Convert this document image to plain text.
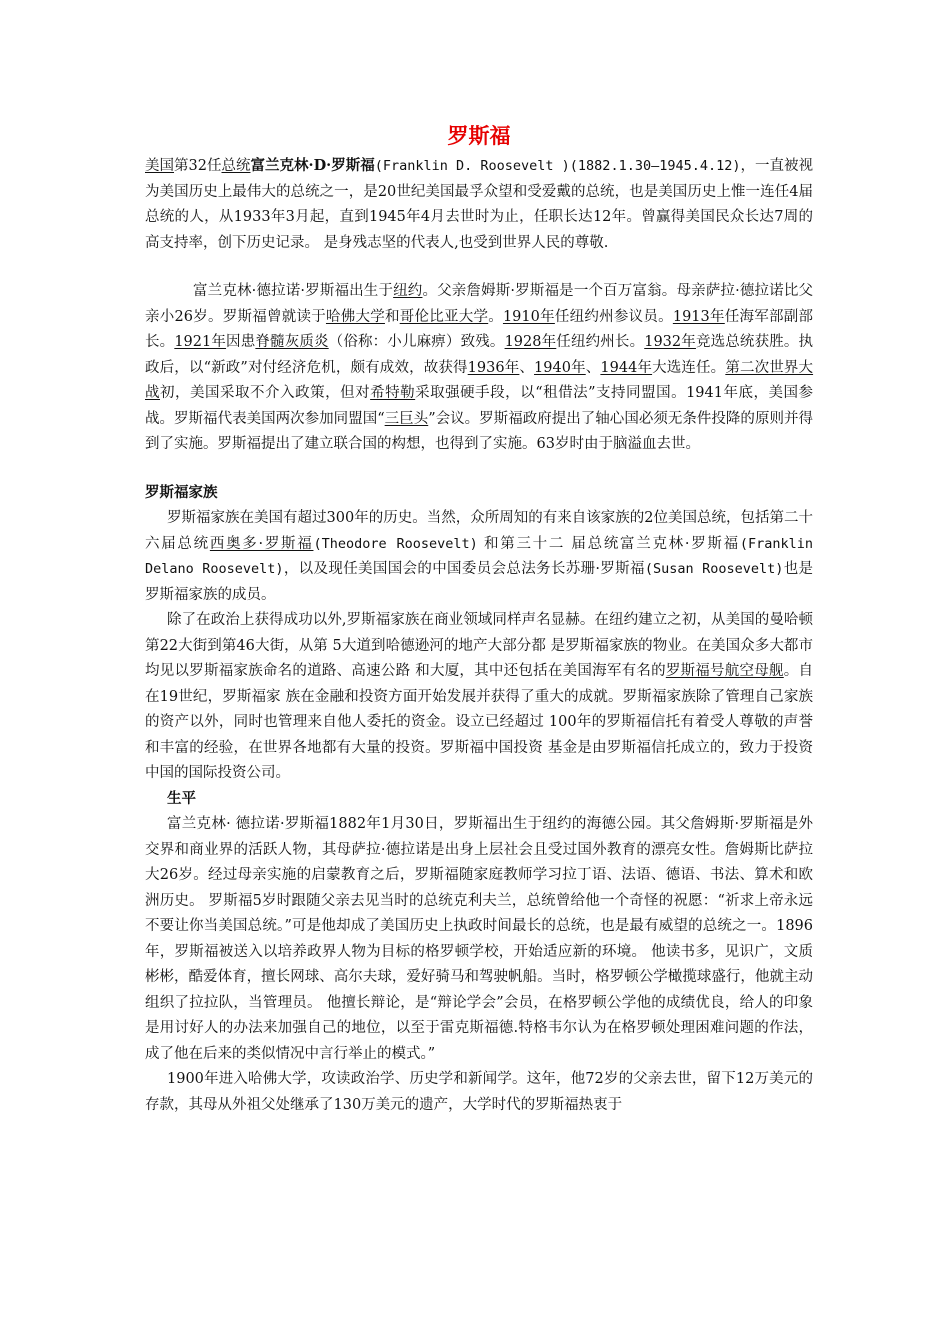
罗斯福

美国第32任总统富兰克林·D·罗斯福(Franklin D. Roosevelt )(1882.1.30—1945.4.12)，一直被视为美国历史上最伟大的总统之一，是20世纪美国最孚众望和受爱戴的总统，也是美国历史上惟一连任4届总统的人，从1933年3月起，直到1945年4月去世时为止，任职长达12年。曾赢得美国民众长达7周的高支持率，创下历史记录。 是身残志坚的代表人,也受到世界人民的尊敬.

富兰克林·德拉诺·罗斯福出生于纽约。父亲詹姆斯·罗斯福是一个百万富翁。母亲萨拉·德拉诺比父亲小26岁。罗斯福曾就读于哈佛大学和哥伦比亚大学。1910年任纽约州参议员。1913年任海军部副部长。1921年因患脊髓灰质炎（俗称：小儿麻痹）致残。1928年任纽约州长。1932年竞选总统获胜。执政后，以“新政”对付经济危机，颇有成效，故获得1936年、1940年、1944年大选连任。第二次世界大战初，美国采取不介入政策，但对希特勒采取强硬手段，以“租借法”支持同盟国。1941年底，美国参战。罗斯福代表美国两次参加同盟国“三巨头”会议。罗斯福政府提出了轴心国必须无条件投降的原则并得到了实施。罗斯福提出了建立联合国的构想，也得到了实施。63岁时由于脑溢血去世。

罗斯福家族

罗斯福家族在美国有超过300年的历史。当然，众所周知的有来自该家族的2位美国总统，包括第二十六届总统西奥多·罗斯福(Theodore Roosevelt) 和第三十二 届总统富兰克林·罗斯福(Franklin Delano Roosevelt)，以及现任美国国会的中国委员会总法务长苏珊·罗斯福(Susan Roosevelt)也是罗斯福家族的成员。

除了在政治上获得成功以外,罗斯福家族在商业领域同样声名显赫。在纽约建立之初，从美国的曼哈顿第22大街到第46大街，从第 5大道到哈德逊河的地产大部分都 是罗斯福家族的物业。在美国众多大都市均见以罗斯福家族命名的道路、高速公路 和大厦，其中还包括在美国海军有名的罗斯福号航空母舰。自在19世纪，罗斯福家 族在金融和投资方面开始发展并获得了重大的成就。罗斯福家族除了管理自己家族 的资产以外，同时也管理来自他人委托的资金。设立已经超过 100年的罗斯福信托有着受人尊敬的声誉和丰富的经验，在世界各地都有大量的投资。罗斯福中国投资 基金是由罗斯福信托成立的，致力于投资中国的国际投资公司。

生平

富兰克林· 德拉诺·罗斯福1882年1月30日，罗斯福出生于纽约的海德公园。其父詹姆斯·罗斯福是外交界和商业界的活跃人物，其母萨拉·德拉诺是出身上层社会且受过国外教育的漂亮女性。詹姆斯比萨拉大26岁。经过母亲实施的启蒙教育之后，罗斯福随家庭教师学习拉丁语、法语、德语、书法、算术和欧洲历史。 罗斯福5岁时跟随父亲去见当时的总统克利夫兰，总统曾给他一个奇怪的祝愿：“祈求上帝永远不要让你当美国总统。”可是他却成了美国历史上执政时间最长的总统，也是最有威望的总统之一。1896年，罗斯福被送入以培养政界人物为目标的格罗顿学校，开始适应新的环境。 他读书多，见识广，文质彬彬，酷爱体育，擅长网球、高尔夫球，爱好骑马和驾驶帆船。当时，格罗顿公学橄揽球盛行，他就主动组织了拉拉队，当管理员。 他擅长辩论，是“辩论学会”会员，在格罗顿公学他的成绩优良，给人的印象是用讨好人的办法来加强自己的地位，以至于雷克斯福德.特格韦尔认为在格罗顿处理困难问题的作法，成了他在后来的类似情况中言行举止的模式。”

1900年进入哈佛大学，攻读政治学、历史学和新闻学。这年，他72岁的父亲去世，留下12万美元的存款，其母从外祖父处继承了130万美元的遗产，大学时代的罗斯福热衷于
